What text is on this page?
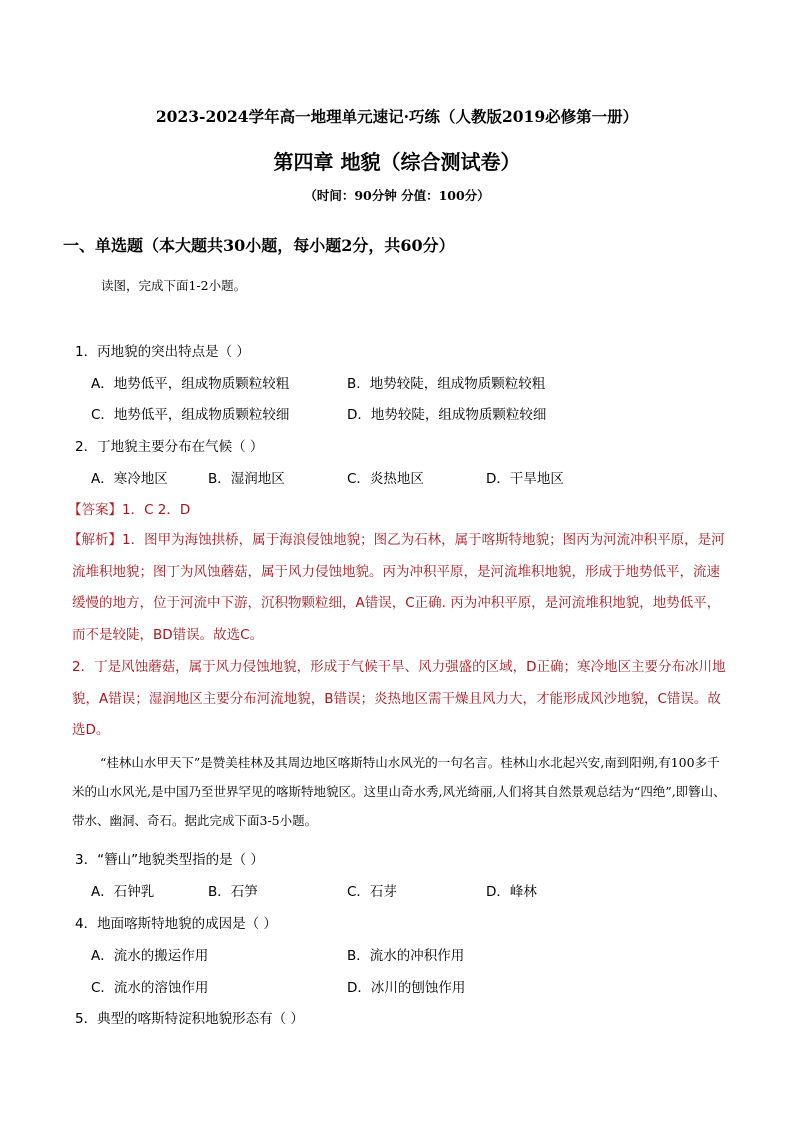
2023-2024学年高一地理单元速记·巧练（人教版2019必修第一册）
第四章 地貌（综合测试卷）
（时间：90分钟 分值：100分）
一、单选题（本大题共30小题，每小题2分，共60分）
读图，完成下面1-2小题。
1．丙地貌的突出特点是（ ）
A．地势低平，组成物质颗粒较粗	B．地势较陡，组成物质颗粒较粗
C．地势低平，组成物质颗粒较细	D．地势较陡，组成物质颗粒较细
2．丁地貌主要分布在气候（ ）
A．寒冷地区	B．湿润地区	C．炎热地区	D．干旱地区
【答案】1．C 2．D
【解析】1．图甲为海蚀拱桥，属于海浪侵蚀地貌；图乙为石林，属于喀斯特地貌；图丙为河流冲积平原，是河流堆积地貌；图丁为风蚀蘑菇，属于风力侵蚀地貌。丙为冲积平原，是河流堆积地貌，形成于地势低平，流速缓慢的地方，位于河流中下游，沉积物颗粒细，A错误，C正确. 丙为冲积平原，是河流堆积地貌，地势低平，而不是较陡，BD错误。故选C。
2．丁是风蚀蘑菇，属于风力侵蚀地貌，形成于气候干旱、风力强盛的区域，D正确；寒冷地区主要分布冰川地貌，A错误；湿润地区主要分布河流地貌，B错误；炎热地区需干燥且风力大，才能形成风沙地貌，C错误。故选D。
“桂林山水甲天下”是赞美桂林及其周边地区喀斯特山水风光的一句名言。桂林山水北起兴安,南到阳朔,有100多千米的山水风光,是中国乃至世界罕见的喀斯特地貌区。这里山奇水秀,风光绮丽,人们将其自然景观总结为“四绝”,即簪山、带水、幽洞、奇石。据此完成下面3-5小题。
3．“簪山”地貌类型指的是（ ）
A．石钟乳	B．石笋	C．石芽	D．峰林
4．地面喀斯特地貌的成因是（ ）
A．流水的搬运作用	B．流水的冲积作用
C．流水的溶蚀作用	D．冰川的刨蚀作用
5．典型的喀斯特淀积地貌形态有（ ）
